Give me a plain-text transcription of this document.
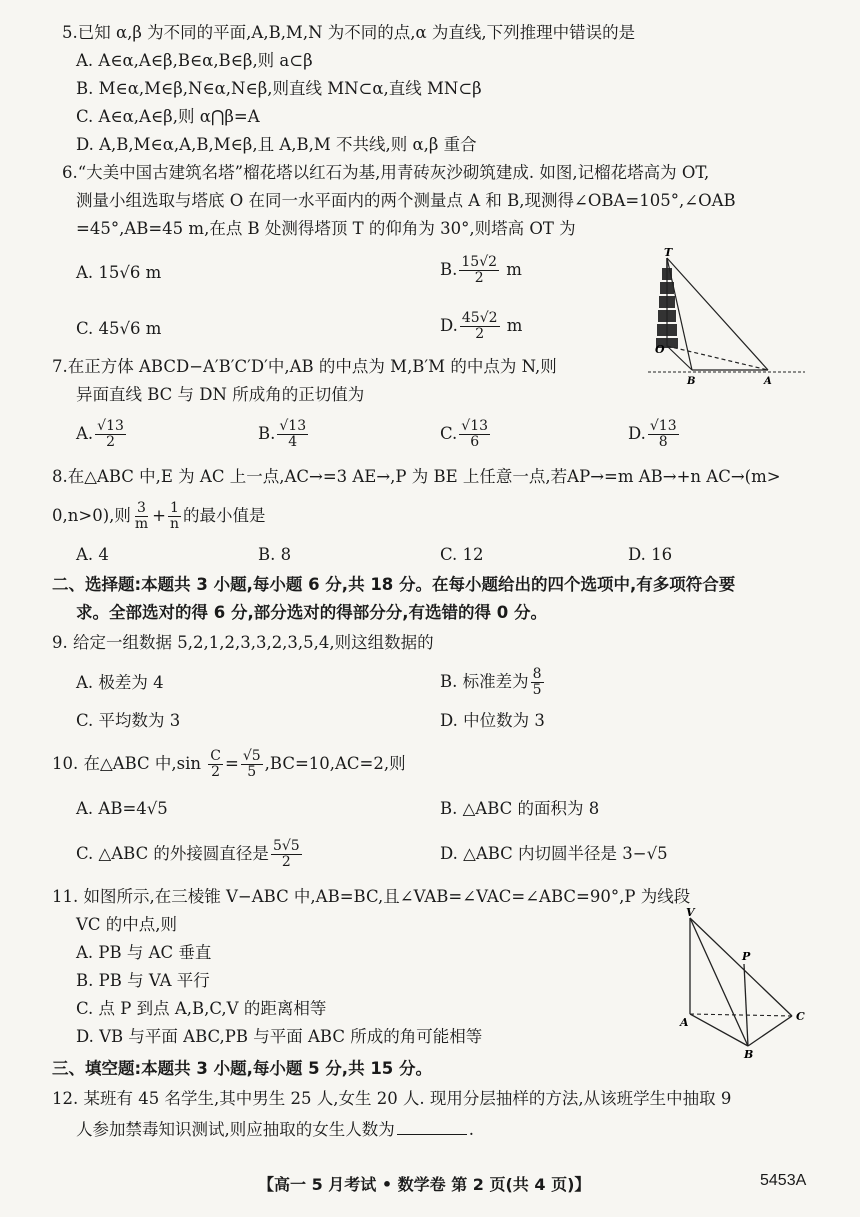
5.已知 α,β 为不同的平面,A,B,M,N 为不同的点,α 为直线,下列推理中错误的是
A. A∈α,A∈β,B∈α,B∈β,则 a⊂β
B. M∈α,M∈β,N∈α,N∈β,则直线 MN⊂α,直线 MN⊂β
C. A∈α,A∈β,则 α⋂β=A
D. A,B,M∈α,A,B,M∈β,且 A,B,M 不共线,则 α,β 重合
6.“大美中国古建筑名塔”榴花塔以红石为基,用青砖灰沙砌筑建成. 如图,记榴花塔高为 OT,
测量小组选取与塔底 O 在同一水平面内的两个测量点 A 和 B,现测得∠OBA=105°,∠OAB
=45°,AB=45 m,在点 B 处测得塔顶 T 的仰角为 30°,则塔高 OT 为
A. 15√6 m	B. $\frac{15√2}{2}$ m
C. 45√6 m	D. $\frac{45√2}{2}$ m
T
O
B	A
7.在正方体 ABCD−A′B′C′D′中,AB 的中点为 M,B′M 的中点为 N,则
异面直线 BC 与 DN 所成角的正切值为
A. $\frac{√13}{2}$	B. $\frac{√13}{4}$	C. $\frac{√13}{6}$	D. $\frac{√13}{8}$
8.在△ABC 中,E 为 AC 上一点,AC→=3 AE→,P 为 BE 上任意一点,若AP→=m AB→+n AC→(m>
0,n>0),则 $\frac{3}{m} + \frac{1}{n}$ 的最小值是
A. 4	B. 8	C. 12	D. 16
二、选择题:本题共 3 小题,每小题 6 分,共 18 分。在每小题给出的四个选项中,有多项符合要
求。全部选对的得 6 分,部分选对的得部分分,有选错的得 0 分。
9. 给定一组数据 5,2,1,2,3,3,2,3,5,4,则这组数据的
A. 极差为 4	B. 标准差为 $\frac{8}{5}$
C. 平均数为 3	D. 中位数为 3
10. 在△ABC 中$,\sin \frac{C}{2} = \frac{√5}{5} ,BC=10,AC=2$,则
A. AB=4√5	B. △ABC 的面积为 8
C. △ABC 的外接圆直径是 $\frac{5√5}{2}$	D. △ABC 内切圆半径是 3−√5
11. 如图所示,在三棱锥 V−ABC 中,AB=BC,且∠VAB=∠VAC=∠ABC=90°,P 为线段
VC 的中点,则
A. PB 与 AC 垂直
B. PB 与 VA 平行
C. 点 P 到点 A,B,C,V 的距离相等
D. VB 与平面 ABC,PB 与平面 ABC 所成的角可能相等
V
P
A	C
B
三、填空题:本题共 3 小题,每小题 5 分,共 15 分。
12. 某班有 45 名学生,其中男生 25 人,女生 20 人. 现用分层抽样的方法,从该班学生中抽取 9
人参加禁毒知识测试,则应抽取的女生人数为	.
【高一 5 月考试 • 数学卷 第 2 页(共 4 页)】	5453A
